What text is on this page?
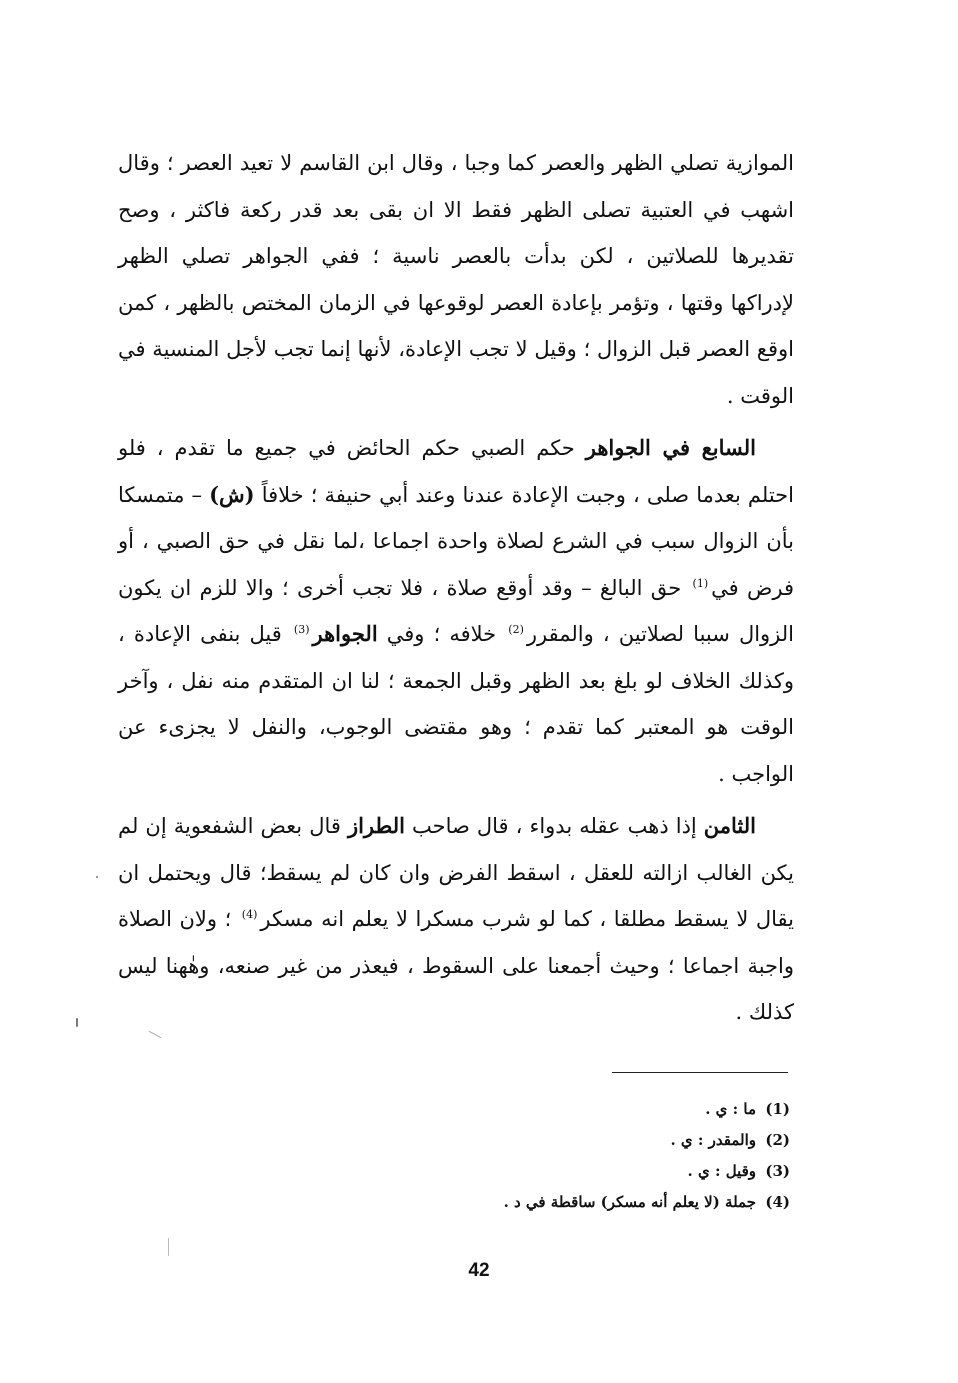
الموازية تصلي الظهر والعصر كما وجبا ، وقال ابن القاسم لا تعيد العصر ؛ وقال اشهب في العتبية تصلى الظهر فقط الا ان بقى بعد قدر ركعة فاكثر ، وصح تقديرها للصلاتين ، لكن بدأت بالعصر ناسية ؛ ففي الجواهر تصلي الظهر لإدراكها وقتها ، وتؤمر بإعادة العصر لوقوعها في الزمان المختص بالظهر ، كمن اوقع العصر قبل الزوال ؛ وقيل لا تجب الإعادة، لأنها إنما تجب لأجل المنسية في الوقت .

السابع في الجواهر حكم الصبي حكم الحائض في جميع ما تقدم ، فلو احتلم بعدما صلى ، وجبت الإعادة عندنا وعند أبي حنيفة ؛ خلافاً (ش) – متمسكا بأن الزوال سبب في الشرع لصلاة واحدة اجماعا ،لما نقل في حق الصبي ، أو فرض في$^{(1)}$ حق البالغ – وقد أوقع صلاة ، فلا تجب أخرى ؛ والا للزم ان يكون الزوال سببا لصلاتين ، والمقرر$^{(2)}$ خلافه ؛ وفي الجواهر$^{(3)}$ قيل بنفى الإعادة ، وكذلك الخلاف لو بلغ بعد الظهر وقبل الجمعة ؛ لنا ان المتقدم منه نفل ، وآخر الوقت هو المعتبر كما تقدم ؛ وهو مقتضى الوجوب، والنفل لا يجزىء عن الواجب .

الثامن إذا ذهب عقله بدواء ، قال صاحب الطراز قال بعض الشفعوية إن لم يكن الغالب ازالته للعقل ، اسقط الفرض وان كان لم يسقط؛ قال ويحتمل ان يقال لا يسقط مطلقا ، كما لو شرب مسكرا لا يعلم انه مسكر$^{(4)}$ ؛ ولان الصلاة واجبة اجماعا ؛ وحيث أجمعنا على السقوط ، فيعذر من غير صنعه، وهٰهنا ليس كذلك .

(1)ما : ي .
(2)والمقدر : ي .
(3)وقيل : ي .
(4)جملة (لا يعلم أنه مسكر) ساقطة في د .
42
